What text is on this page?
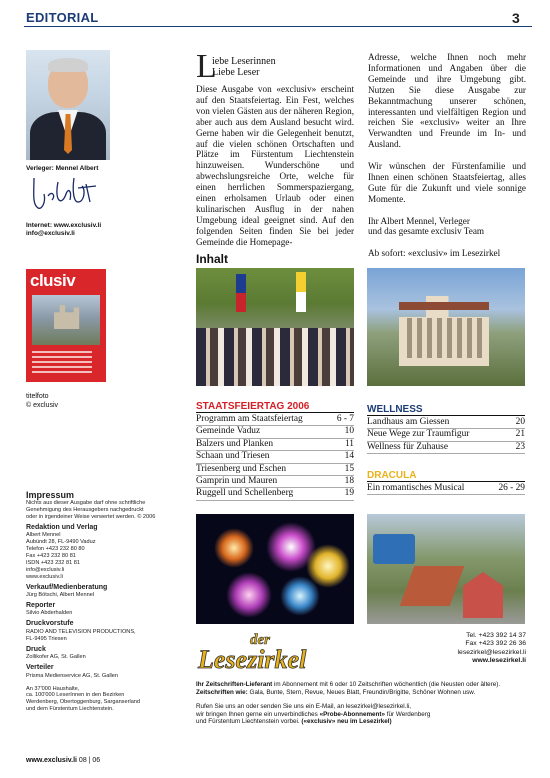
EDITORIAL	3
Verleger: Mennel Albert
Internet: www.exclusiv.li
info@exclusiv.li
clusiv
titelfoto
© exclusiv
Impressum
Nichts aus dieser Ausgabe darf ohne schriftliche
Genehmigung des Herausgebers nachgedruckt
oder in irgendeiner Weise verwertet werden. © 2006
Redaktion und Verlag
Albert Mennel
Aubündt 28, FL-9490 Vaduz
Telefon +423 232 80 80
Fax +423 232 80 81
ISDN +423 232 81 81
info@exclusiv.li
www.exclusiv.li
Verkauf/Medienberatung
Jürg Bötschi, Albert Mennel
Reporter
Silvio Abderhalden
Druckvorstufe
RADIO AND TELEVISION PRODUCTIONS,
FL-9495 Triesen
Druck
Zollikofer AG, St. Gallen
Verteiler
Prisma Medienservice AG, St. Gallen
An 37'000 Haushalte,
ca. 100'000 LeserInnen in den Bezirken
Werdenberg, Obertoggenburg, Sarganserland
und dem Fürstentum Liechtenstein.
www.exclusiv.li 08 | 06
L
iebe Leserinnen
Liebe Leser
Diese Ausgabe von «exclusiv» erscheint auf den Staatsfeiertag. Ein Fest, welches von vielen Gästen aus der näheren Region, aber auch aus dem Ausland besucht wird. Gerne haben wir die Gelegenheit benutzt, auf die vielen schönen Ortschaften und Plätze im Fürstentum Liechtenstein hinzuweisen. Wunderschöne und abwechslungsreiche Orte, welche für einen herrlichen Sommerspaziergang, einen erholsamen Urlaub oder einen kulinarischen Ausflug in der nahen Umgebung ideal geeignet sind. Auf den folgenden Seiten finden Sie bei jeder Gemeinde die Homepage-

Adresse, welche Ihnen noch mehr Informationen und Angaben über die Gemeinde und ihre Umgebung gibt. Nutzen Sie diese Ausgabe zur Bekanntmachung unserer schönen, interessanten und vielfältigen Region und reichen Sie «exclusiv» weiter an Ihre Verwandten und Freunde im In- und Ausland.

Wir wünschen der Fürstenfamilie und Ihnen einen schönen Staatsfeiertag, alles Gute für die Zukunft und viele sonnige Momente.

Ihr Albert Mennel, Verleger
und das gesamte exclusiv Team

Ab sofort: «exclusiv» im Lesezirkel

Inhalt
STAATSFEIERTAG 2006
Programm am Staatsfeiertag	6 - 7
Gemeinde Vaduz	10
Balzers und Planken	11
Schaan und Triesen	14
Triesenberg und Eschen	15
Gamprin und Mauren	18
Ruggell und Schellenberg	19
WELLNESS
Landhaus am Giessen	20
Neue Wege zur Traumfigur	21
Wellness für Zuhause	23
DRACULA
Ein romantisches Musical	26 - 29
der
Lesezirkel
Tel. +423 392 14 37
Fax +423 392 26 36
lesezirkel@lesezirkel.li
www.lesezirkel.li
Ihr Zeitschriften-Lieferant im Abonnement mit 6 oder 10 Zeitschriften wöchentlich (die Neusten oder ältere).
Zeitschriften wie: Gala, Bunte, Stern, Revue, Neues Blatt, Freundin/Brigitte, Schöner Wohnen usw.
Rufen Sie uns an oder senden Sie uns ein E-Mail, an lesezirkel@lesezirkel.li,
wir bringen Ihnen gerne ein unverbindliches «Probe-Abonnement» für Werdenberg
und Fürstentum Liechtenstein vorbei. («exclusiv» neu im Lesezirkel)
